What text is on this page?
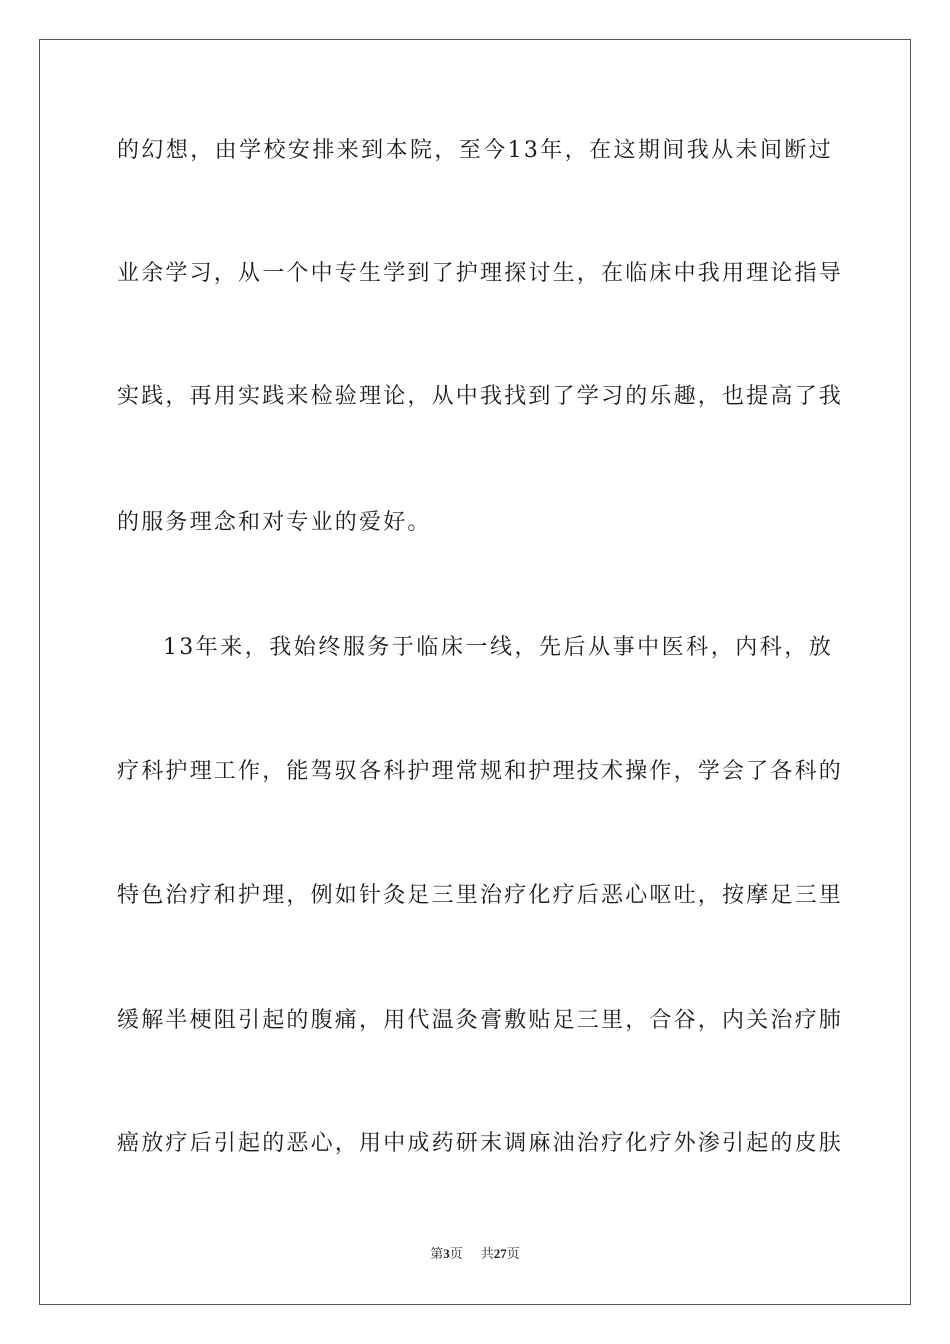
的幻想，由学校安排来到本院，至今13年，在这期间我从未间断过
业余学习，从一个中专生学到了护理探讨生，在临床中我用理论指导
实践，再用实践来检验理论，从中我找到了学习的乐趣，也提高了我
的服务理念和对专业的爱好。
13年来，我始终服务于临床一线，先后从事中医科，内科，放
疗科护理工作，能驾驭各科护理常规和护理技术操作，学会了各科的
特色治疗和护理，例如针灸足三里治疗化疗后恶心呕吐，按摩足三里
缓解半梗阻引起的腹痛，用代温灸膏敷贴足三里，合谷，内关治疗肺
癌放疗后引起的恶心，用中成药研末调麻油治疗化疗外渗引起的皮肤
第3页 共27页
